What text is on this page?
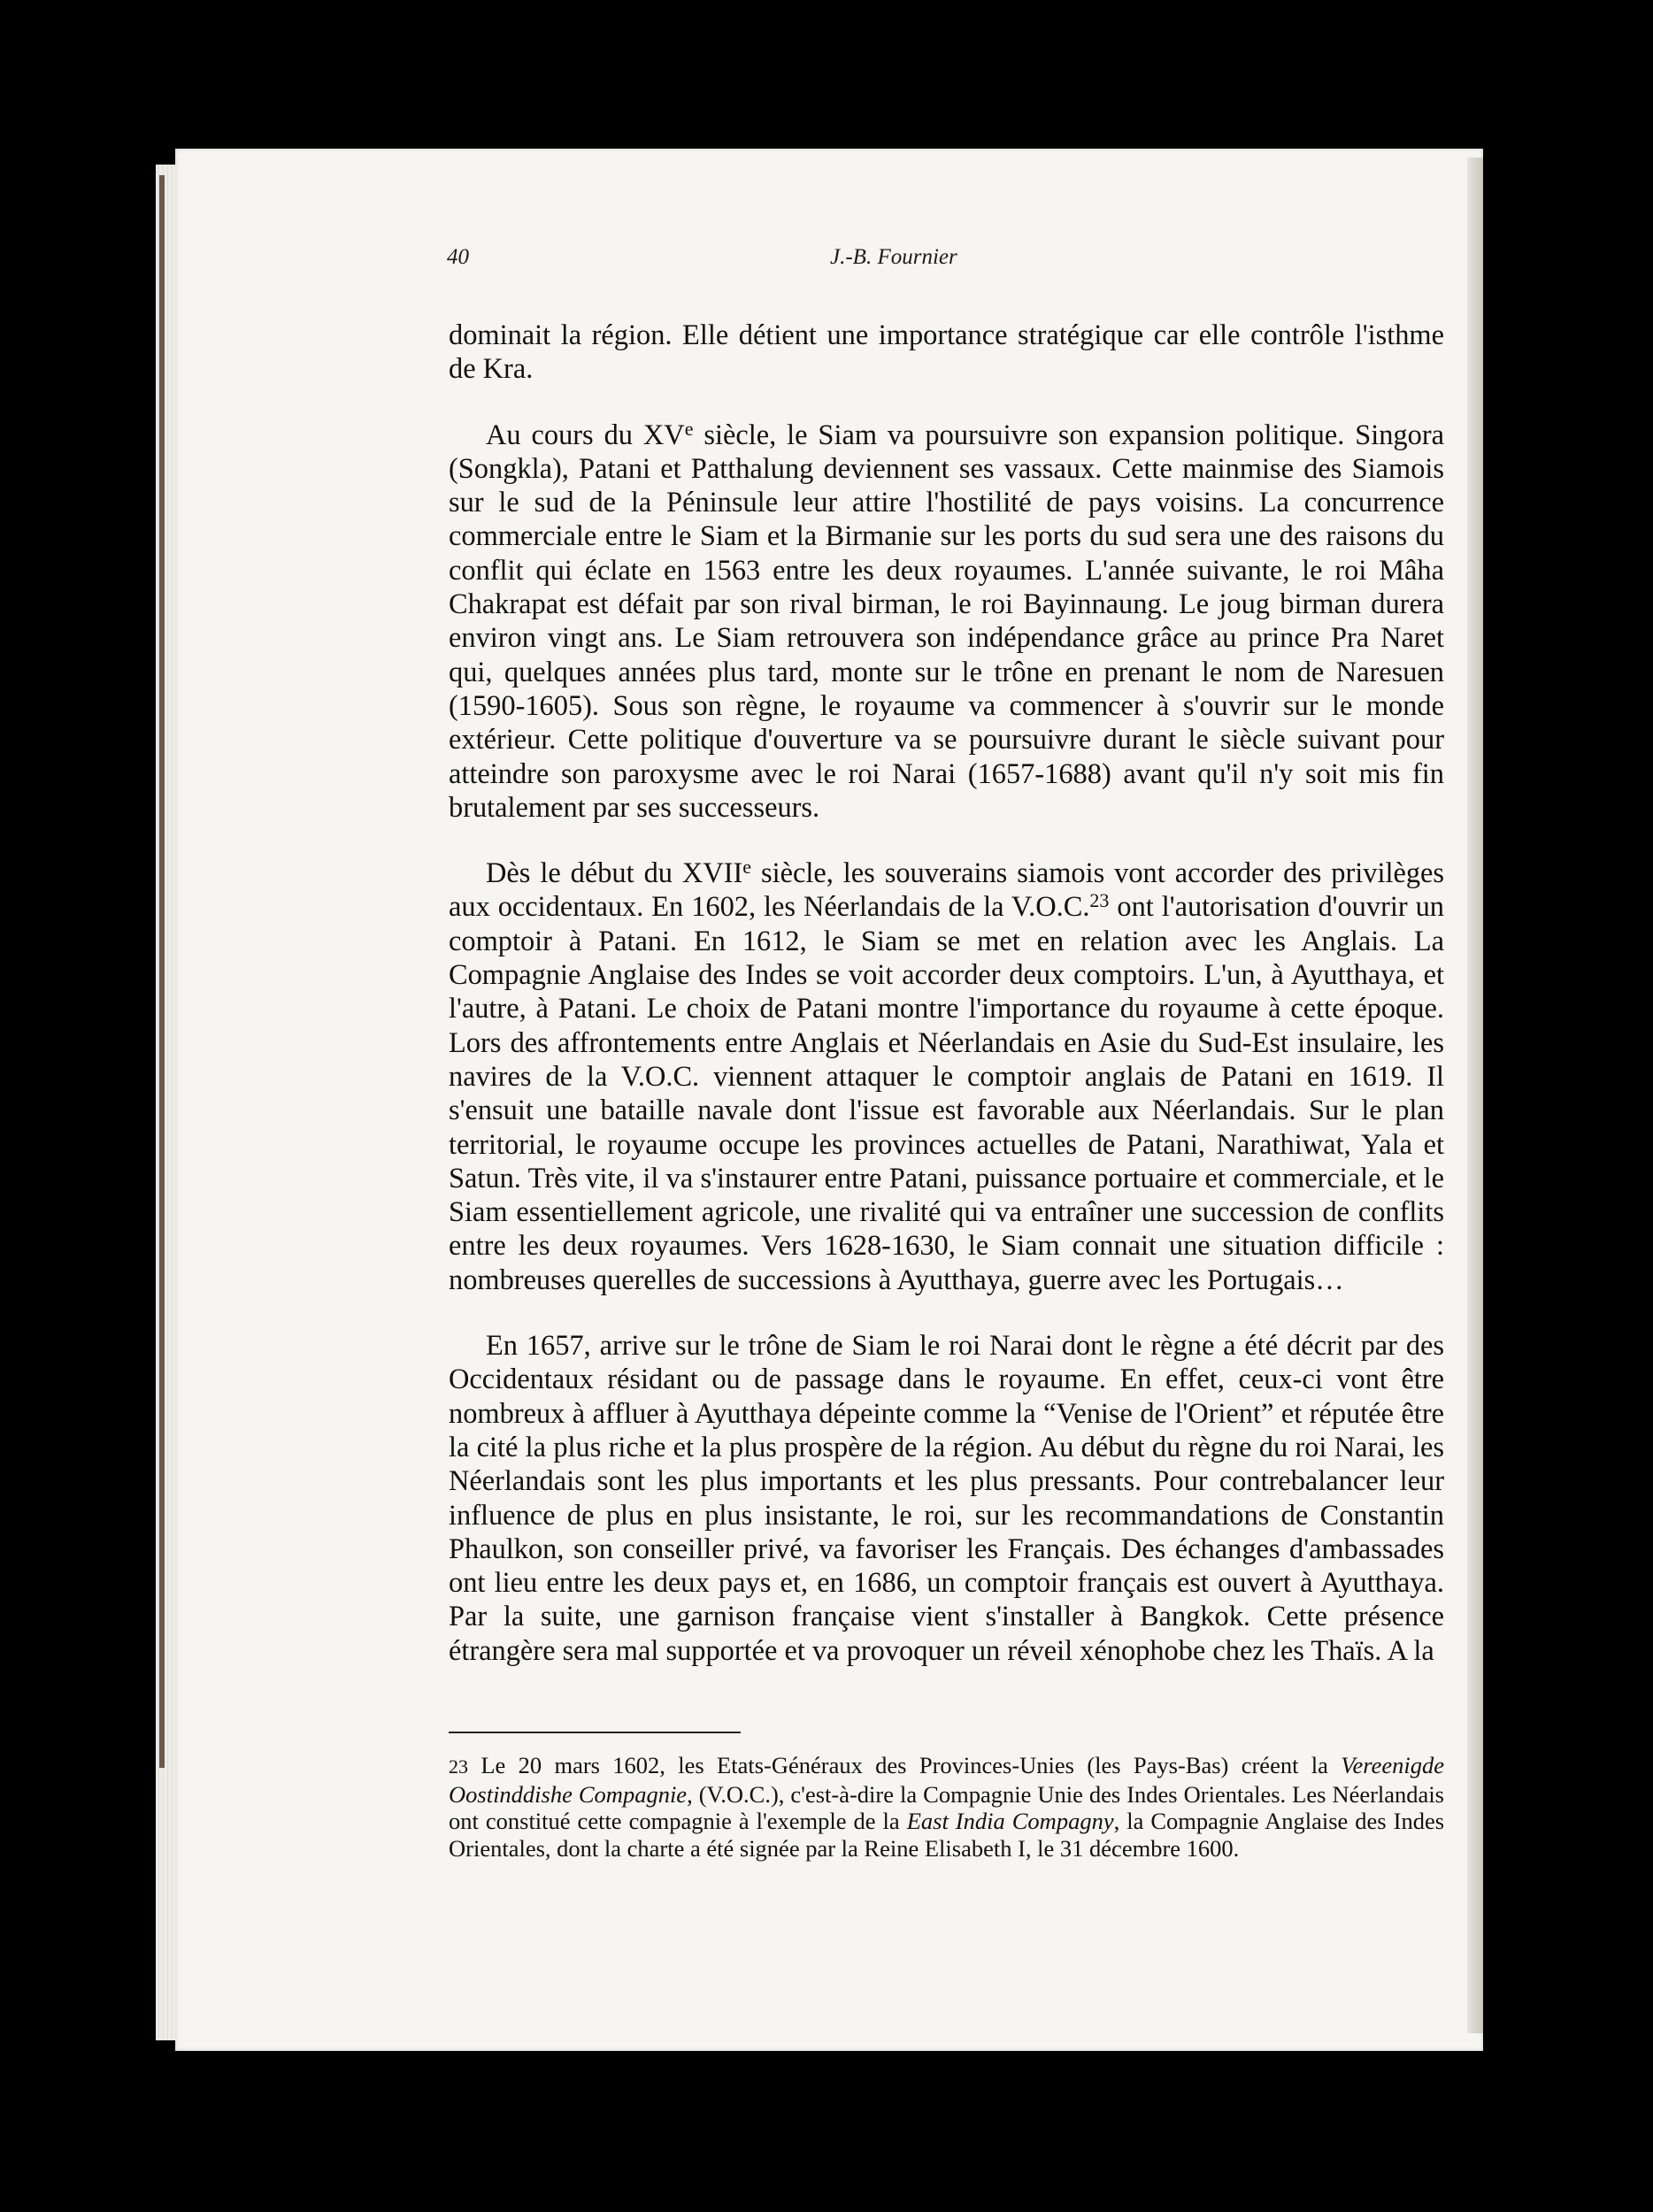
40	J.-B. Fournier

dominait la région. Elle détient une importance stratégique car elle contrôle l'isthme de Kra.

Au cours du XVe siècle, le Siam va poursuivre son expansion politique. Singora (Songkla), Patani et Patthalung deviennent ses vassaux. Cette mainmise des Siamois sur le sud de la Péninsule leur attire l'hostilité de pays voisins. La concurrence commerciale entre le Siam et la Birmanie sur les ports du sud sera une des raisons du conflit qui éclate en 1563 entre les deux royaumes. L'année suivante, le roi Mâha Chakrapat est défait par son rival birman, le roi Bayinnaung. Le joug birman durera environ vingt ans. Le Siam retrouvera son indépendance grâce au prince Pra Naret qui, quelques années plus tard, monte sur le trône en prenant le nom de Naresuen (1590-1605). Sous son règne, le royaume va commencer à s'ouvrir sur le monde extérieur. Cette politique d'ouverture va se poursuivre durant le siècle suivant pour atteindre son paroxysme avec le roi Narai (1657-1688) avant qu'il n'y soit mis fin brutalement par ses successeurs.

Dès le début du XVIIe siècle, les souverains siamois vont accorder des privilèges aux occidentaux. En 1602, les Néerlandais de la V.O.C.$^{23}$ ont l'autorisation d'ouvrir un comptoir à Patani. En 1612, le Siam se met en relation avec les Anglais. La Compagnie Anglaise des Indes se voit accorder deux comptoirs. L'un, à Ayutthaya, et l'autre, à Patani. Le choix de Patani montre l'importance du royaume à cette époque. Lors des affrontements entre Anglais et Néerlandais en Asie du Sud-Est insulaire, les navires de la V.O.C. viennent attaquer le comptoir anglais de Patani en 1619. Il s'ensuit une bataille navale dont l'issue est favorable aux Néerlandais. Sur le plan territorial, le royaume occupe les provinces actuelles de Patani, Narathiwat, Yala et Satun. Très vite, il va s'instaurer entre Patani, puissance portuaire et commerciale, et le Siam essentiellement agricole, une rivalité qui va entraîner une succession de conflits entre les deux royaumes. Vers 1628-1630, le Siam connait une situation difficile : nombreuses querelles de successions à Ayutthaya, guerre avec les Portugais…

En 1657, arrive sur le trône de Siam le roi Narai dont le règne a été décrit par des Occidentaux résidant ou de passage dans le royaume. En effet, ceux-ci vont être nombreux à affluer à Ayutthaya dépeinte comme la “Venise de l'Orient” et réputée être la cité la plus riche et la plus prospère de la région. Au début du règne du roi Narai, les Néerlandais sont les plus importants et les plus pressants. Pour contrebalancer leur influence de plus en plus insistante, le roi, sur les recommandations de Constantin Phaulkon, son conseiller privé, va favoriser les Français. Des échanges d'ambassades ont lieu entre les deux pays et, en 1686, un comptoir français est ouvert à Ayutthaya. Par la suite, une garnison française vient s'installer à Bangkok. Cette présence étrangère sera mal supportée et va provoquer un réveil xénophobe chez les Thaïs. A la

23 Le 20 mars 1602, les Etats-Généraux des Provinces-Unies (les Pays-Bas) créent la Vereenigde Oostinddishe Compagnie, (V.O.C.), c'est-à-dire la Compagnie Unie des Indes Orientales. Les Néerlandais ont constitué cette compagnie à l'exemple de la East India Compagny, la Compagnie Anglaise des Indes Orientales, dont la charte a été signée par la Reine Elisabeth I, le 31 décembre 1600.
